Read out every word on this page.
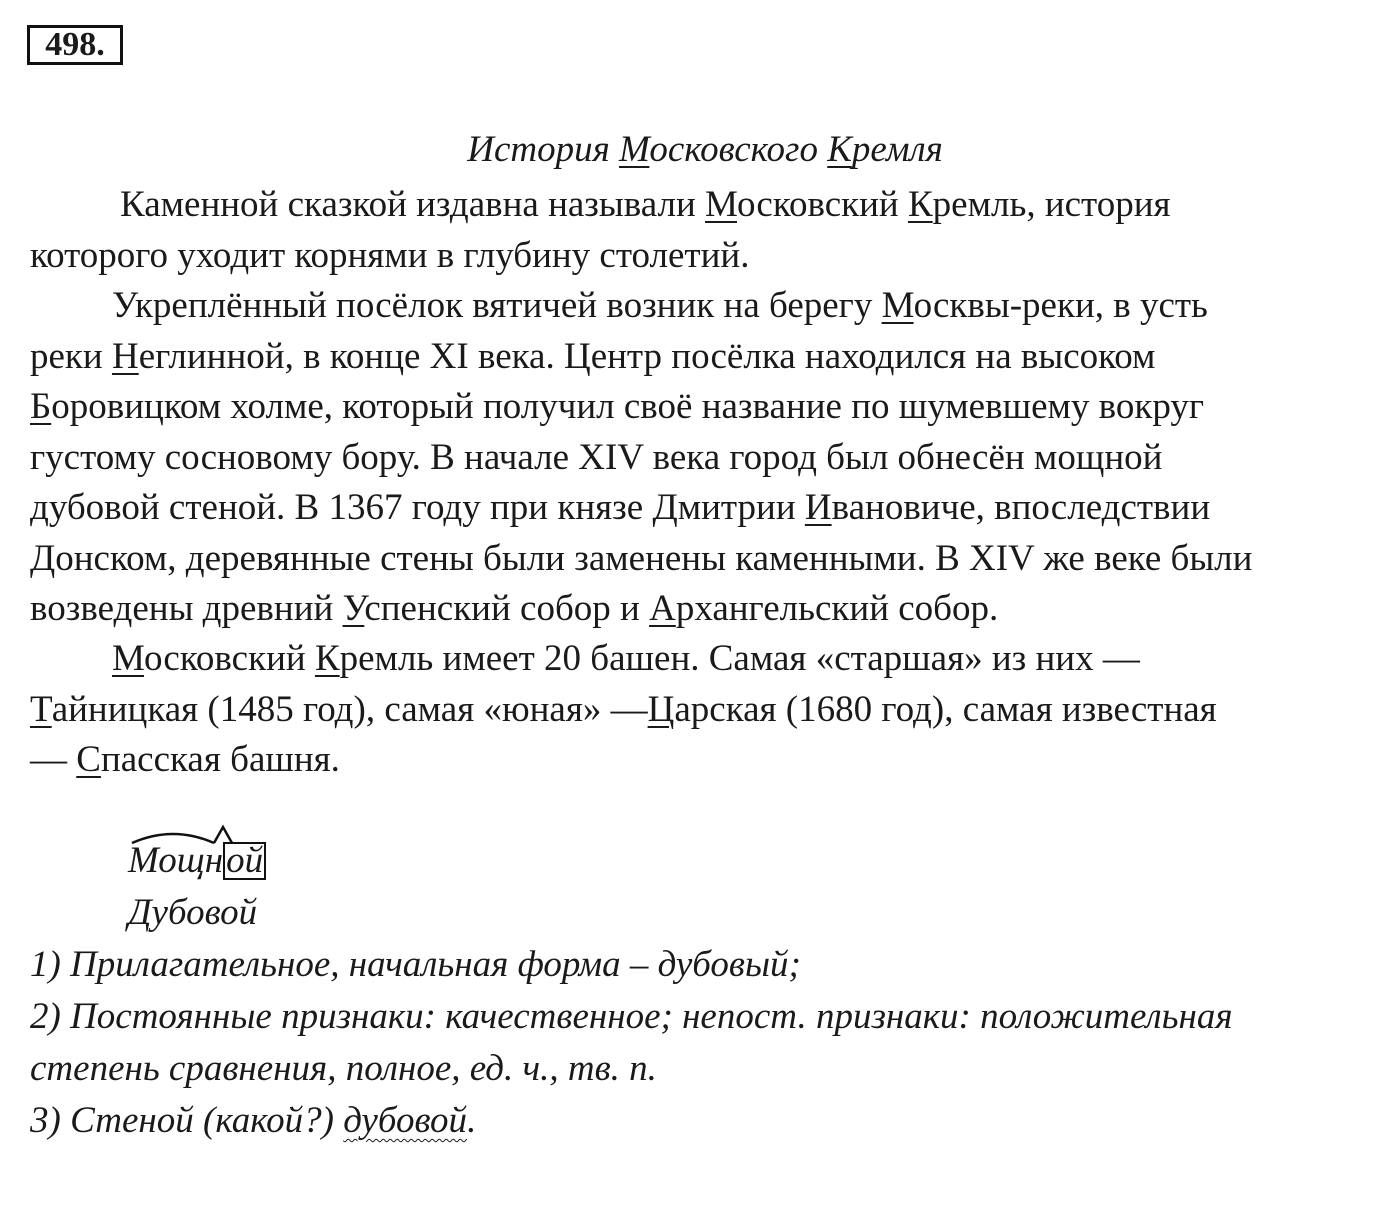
498.
История Московского Кремля
Каменной сказкой издавна называли Московский Кремль, история
которого уходит корнями в глубину столетий.
Укреплённый посёлок вятичей возник на берегу Москвы-реки, в усть
реки Неглинной, в конце XI века. Центр посёлка находился на высоком
Боровицком холме, который получил своё название по шумевшему вокруг
густому сосновому бору. В начале XIV века город был обнесён мощной
дубовой стеной. В 1367 году при князе Дмитрии Ивановиче, впоследствии
Донском, деревянные стены были заменены каменными. В XIV же веке были
возведены древний Успенский собор и Архангельский собор.
Московский Кремль имеет 20 башен. Самая «старшая» из них —
Тайницкая (1485 год), самая «юная» —Царская (1680 год), самая известная
— Спасская башня.
Мощной
Дубовой
1) Прилагательное, начальная форма – дубовый;
2) Постоянные признаки: качественное; непост. признаки: положительная
степень сравнения, полное, ед. ч., тв. п.
3) Стеной (какой?) дубовой.
